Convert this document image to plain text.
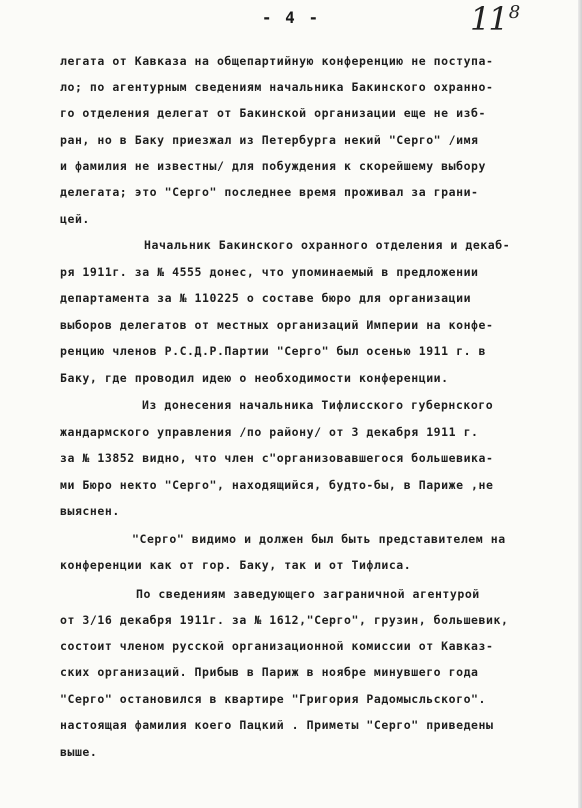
- 4 -	11 8
легата от Кавказа на общепартийную конференцию не поступа-
ло; по агентурным сведениям начальника Бакинского охранно-
го отделения делегат от Бакинской организации еще не изб-
ран, но в Баку приезжал из Петербурга некий "Серго" /имя
и фамилия не известны/ для побуждения к скорейшему выбору
делегата; это "Серго" последнее время проживал за грани-
цей.
Начальник Бакинского охранного отделения и декаб-
ря 1911г. за № 4555 донес, что упоминаемый в предложении
департамента за № 110225 о составе бюро для организации
выборов делегатов от местных организаций Империи на конфе-
ренцию членов Р.С.Д.Р.Партии "Серго" был осенью 1911 г. в
Баку, где проводил идею о необходимости конференции.
Из донесения начальника Тифлисского губернского
жандармского управления /по району/ от 3 декабря 1911 г.
за № 13852 видно, что член с"организовавшегося большевика-
ми Бюро некто "Серго", находящийся, будто-бы, в Париже ,не
выяснен.
"Серго" видимо и должен был быть представителем на
конференции как от гор. Баку, так и от Тифлиса.
По сведениям заведующего заграничной агентурой
от 3/16 декабря 1911г. за № 1612,"Серго", грузин, большевик,
состоит членом русской организационной комиссии от Кавказ-
ских организаций. Прибыв в Париж в ноябре минувшего года
"Серго" остановился в квартире "Григория Радомысльского".
настоящая фамилия коего Пацкий . Приметы "Серго" приведены
выше.
